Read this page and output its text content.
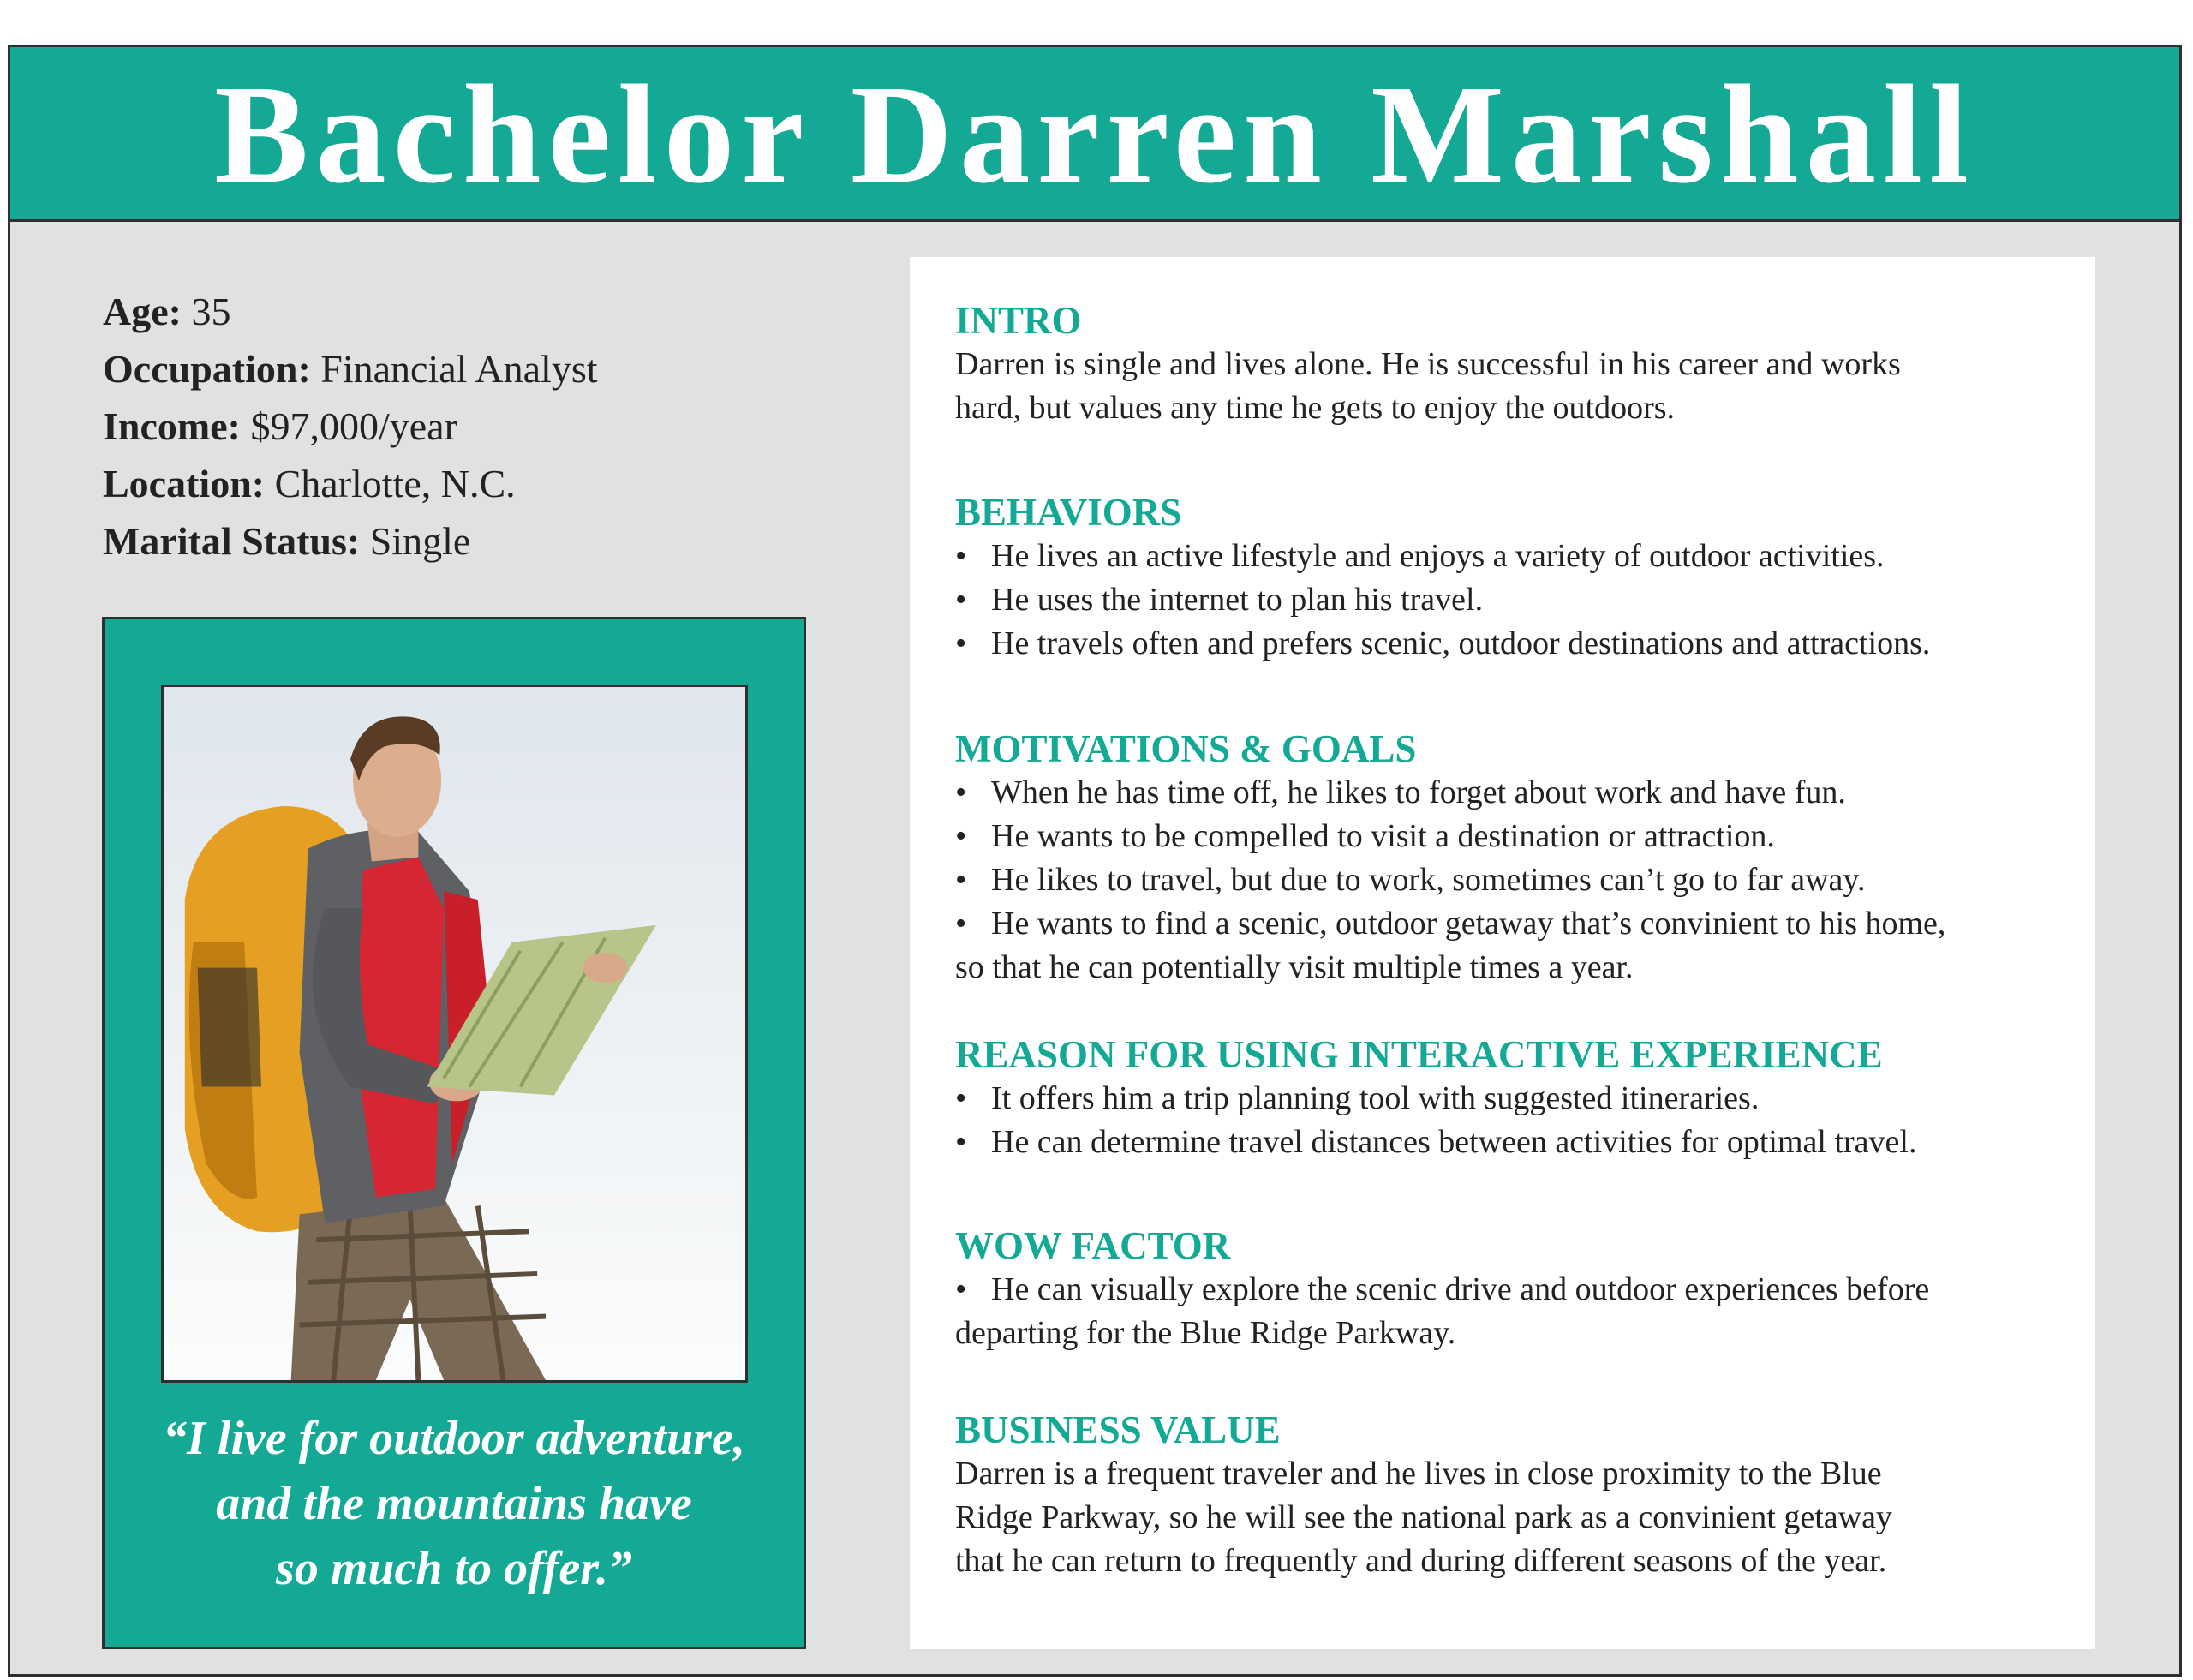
Bachelor Darren Marshall
Age: 35
Occupation: Financial Analyst
Income: $97,000/year
Location: Charlotte, N.C.
Marital Status: Single
“I live for outdoor adventure,
and the mountains have
so much to offer.”
INTRO
Darren is single and lives alone. He is successful in his career and works
hard, but values any time he gets to enjoy the outdoors.
BEHAVIORS
• He lives an active lifestyle and enjoys a variety of outdoor activities.
• He uses the internet to plan his travel.
• He travels often and prefers scenic, outdoor destinations and attractions.
MOTIVATIONS & GOALS
• When he has time off, he likes to forget about work and have fun.
• He wants to be compelled to visit a destination or attraction.
• He likes to travel, but due to work, sometimes can’t go to far away.
• He wants to find a scenic, outdoor getaway that’s convinient to his home,
so that he can potentially visit multiple times a year.
REASON FOR USING INTERACTIVE EXPERIENCE
• It offers him a trip planning tool with suggested itineraries.
• He can determine travel distances between activities for optimal travel.
WOW FACTOR
• He can visually explore the scenic drive and outdoor experiences before
departing for the Blue Ridge Parkway.
BUSINESS VALUE
Darren is a frequent traveler and he lives in close proximity to the Blue
Ridge Parkway, so he will see the national park as a convinient getaway
that he can return to frequently and during different seasons of the year.
